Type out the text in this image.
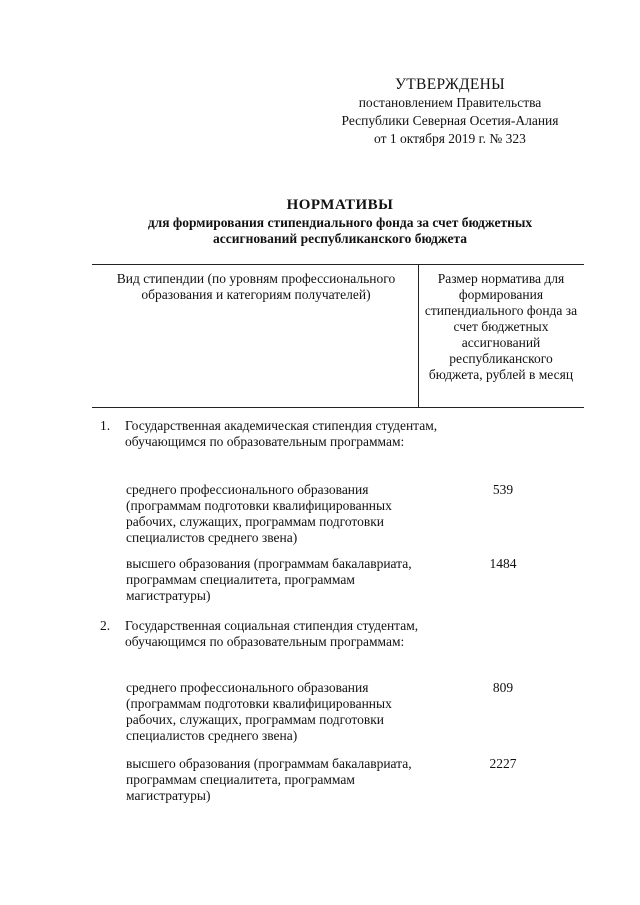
УТВЕРЖДЕНЫ
постановлением Правительства
Республики Северная Осетия-Алания
от 1 октября 2019 г. № 323
НОРМАТИВЫ
для формирования стипендиального фонда за счет бюджетных
ассигнований республиканского бюджета
Вид стипендии (по уровням профессионального образования и категориям получателей)
Размер норматива для формирования стипендиального фонда за счет бюджетных ассигнований республиканского бюджета, рублей в месяц
1.	Государственная академическая стипендия студентам, обучающимся по образовательным программам:
среднего профессионального образования (программам подготовки квалифицированных рабочих, служащих, программам подготовки специалистов среднего звена)
539
высшего образования (программам бакалавриата, программам специалитета, программам магистратуры)
1484
2.	Государственная социальная стипендия студентам, обучающимся по образовательным программам:
среднего профессионального образования (программам подготовки квалифицированных рабочих, служащих, программам подготовки специалистов среднего звена)
809
высшего образования (программам бакалавриата, программам специалитета, программам магистратуры)
2227
